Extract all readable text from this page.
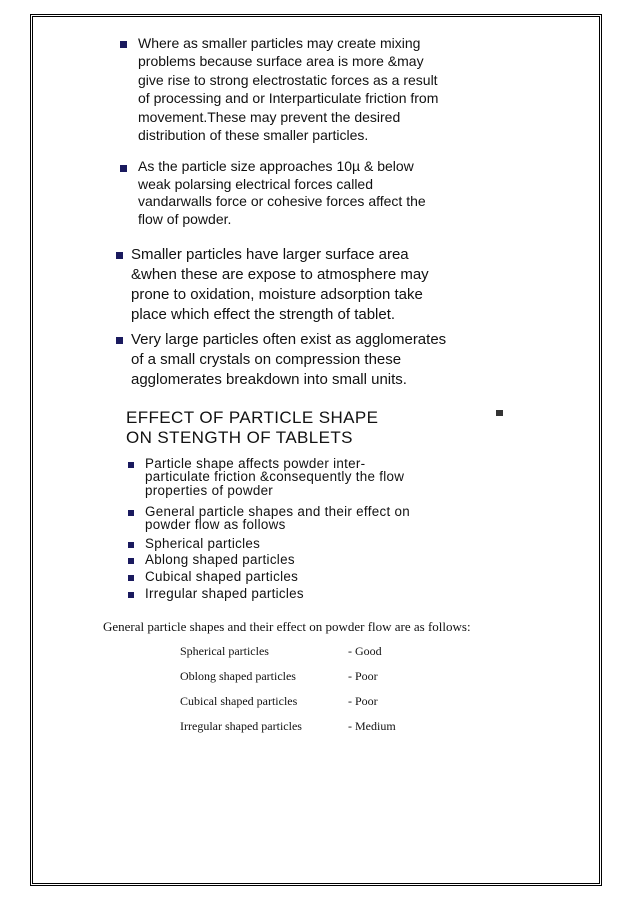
Where as smaller particles may create mixing
problems because surface area is more &may
give rise to strong electrostatic forces as a result
of processing and or Interparticulate friction from
movement.These may prevent the desired
distribution of these smaller particles.
As the particle size approaches 10µ & below
weak polarsing electrical forces called
vandarwalls force or cohesive forces affect the
flow of powder.
Smaller particles have larger surface area
&when these are expose to atmosphere may
prone to oxidation, moisture adsorption take
place which effect the strength of tablet.
Very large particles often exist as agglomerates
of a small crystals on compression these
agglomerates breakdown into small units.
EFFECT OF PARTICLE SHAPE
ON STENGTH OF TABLETS
Particle shape affects powder inter-
particulate friction &consequently the flow
properties of powder
General particle shapes and their effect on
powder flow as follows
Spherical particles
Ablong shaped particles
Cubical shaped particles
Irregular shaped particles
General particle shapes and their effect on powder flow are as follows:
Spherical particles	- Good
Oblong shaped particles	- Poor
Cubical shaped particles	- Poor
Irregular shaped particles	- Medium
